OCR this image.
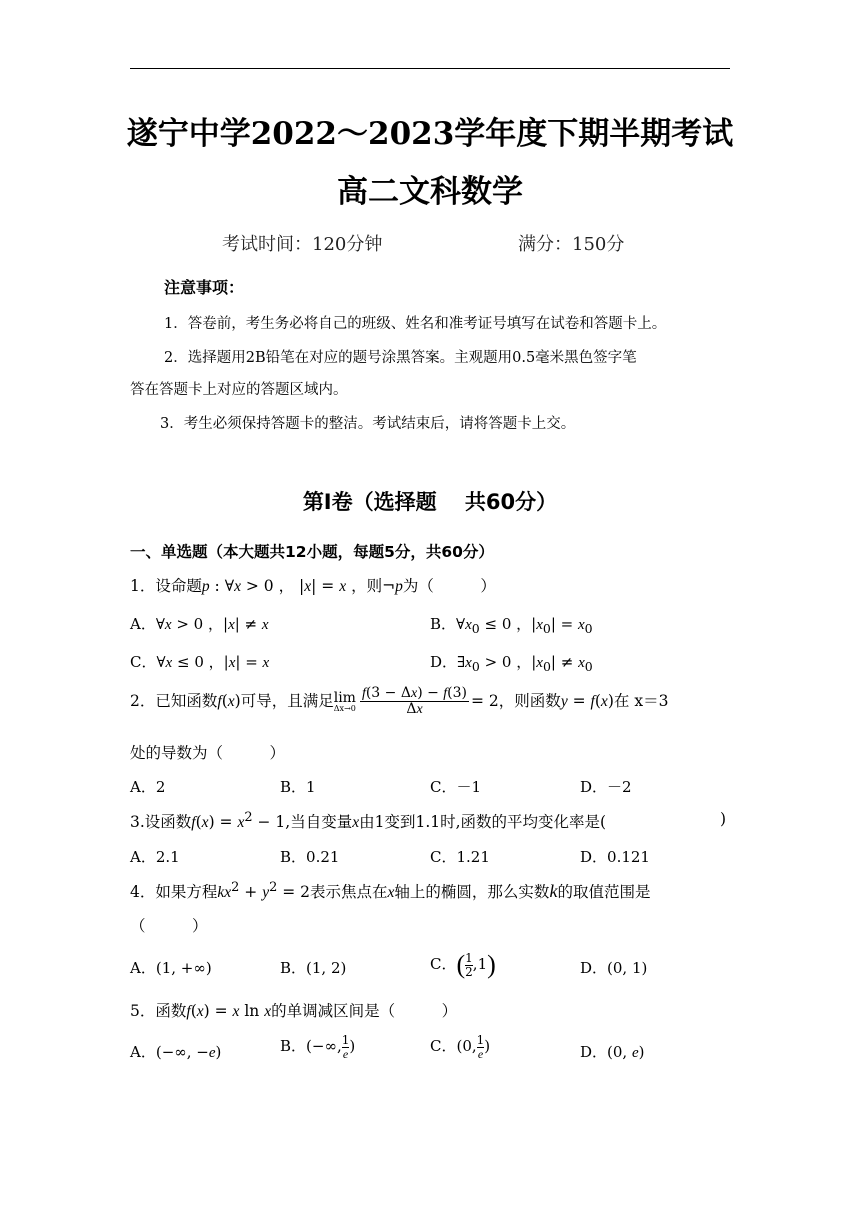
遂宁中学2022～2023学年度下期半期考试
高二文科数学
考试时间：120分钟	满分：150分
注意事项：
1．答卷前，考生务必将自己的班级、姓名和准考证号填写在试卷和答题卡上。
2．选择题用2B铅笔在对应的题号涂黑答案。主观题用0.5毫米黑色签字笔
答在答题卡上对应的答题区域内。
3．考生必须保持答题卡的整洁。考试结束后，请将答题卡上交。
第Ⅰ卷（选择题　 共60分）
一、单选题（本大题共12小题，每题5分，共60分）
1．设命题p : ∀x > 0 ， |x| = x ，则¬p为（　　　）
A．∀x > 0 ，|x| ≠ x	B．$\forall x_0 \le 0$ ，$|x_0| = x_0$
C．∀x ≤ 0 ，|x| = x	D．$\exists x_0 > 0$ ，$|x_0| \ne x_0$
2．已知函数f(x)可导，且满足lim
$\Delta x\to 0 \frac{f(3 - \Delta x) - f(3)}{\Delta x} = 2$，则函数y = f(x)在 x＝3
处的导数为（　　　）
A．2	B．1	C．－1	D．－2
3.设函数$f(x) = x^2 - 1$,当自变量x由1变到1.1时,函数的平均变化率是(	)
A．2.1	B．0.21	C．1.21	D．0.121
4．如果方程$kx^2 + y^2 = 2$表示焦点在x轴上的椭圆，那么实数k的取值范围是
（　　　）
A．(1, +∞)	B．(1, 2)	C．( $\frac{1}{2} ,1$)	D．(0, 1)
5．函数f(x) = x ln x的单调减区间是（　　　）
A．(−∞, −e)	B．(−∞, $\frac{1}{e}$ )	C．(0, $\frac{1}{e}$ )	D．(0, e)
